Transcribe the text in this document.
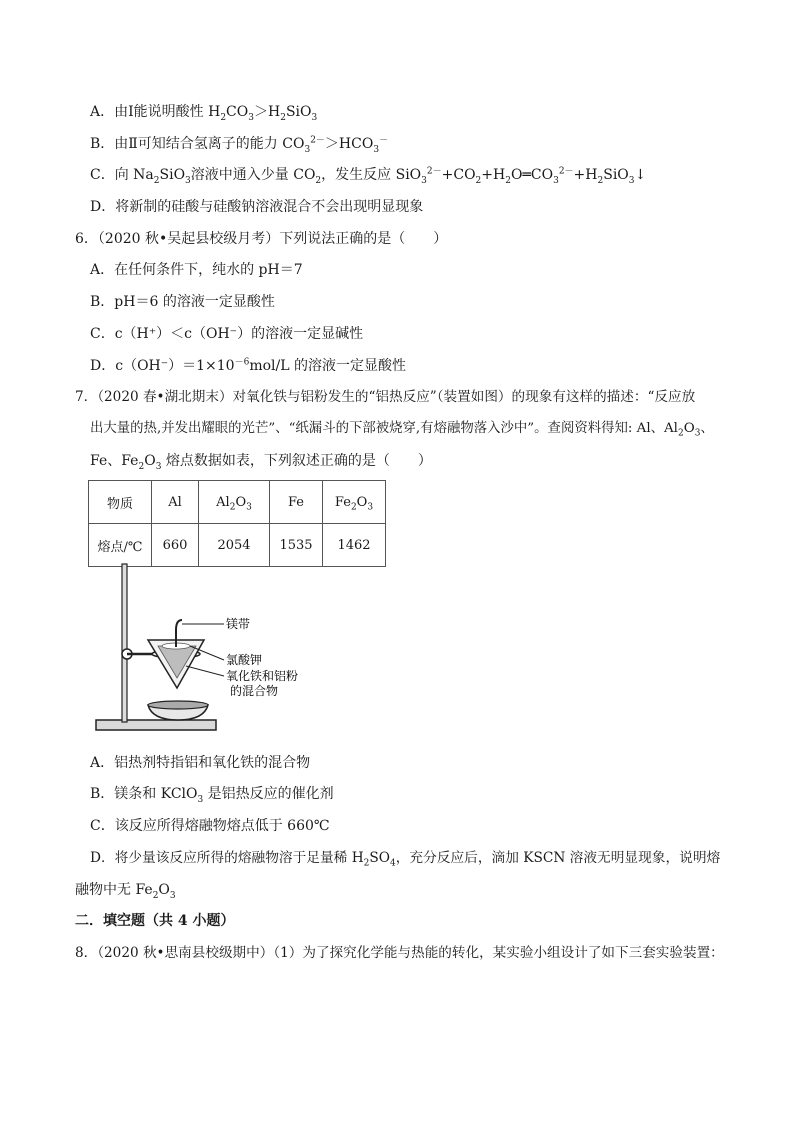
A．由Ⅰ能说明酸性 $H_2CO_3>H_2SiO_3$
B．由Ⅱ可知结合氢离子的能力 $CO_3^{2-}>HCO_3^-$
C．向 $Na_2SiO_3$溶液中通入少量 $CO_2$，发生反应 $SiO_3^{2-}+CO_2+H_2O═CO_3^{2-}+H_2SiO_3↓$
D．将新制的硅酸与硅酸钠溶液混合不会出现明显现象
6．（2020 秋•吴起县校级月考）下列说法正确的是（　　）
A．在任何条件下，纯水的 pH＝7
B．pH＝6 的溶液一定显酸性
C．c（H⁺）＜c（OH⁻）的溶液一定显碱性
D．$c(OH^-)=1\times 10^{-6}mol/L$ 的溶液一定显酸性
7．（2020 春•湖北期末）对氧化铁与铝粉发生的“铝热反应”（装置如图）的现象有这样的描述：“反应放
出大量的热,并发出耀眼的光芒”、“纸漏斗的下部被烧穿,有熔融物落入沙中”。查阅资料得知: Al、$Al_2O_3$、
Fe、$Fe_2O_3$ 熔点数据如表，下列叙述正确的是（　　）
物质	Al	$Al_2O_3$	Fe	$Fe_2O_3$
熔点/℃	660	2054	1535	1462
镁带
氯酸钾
氧化铁和铝粉
的混合物
A．铝热剂特指铝和氧化铁的混合物
B．镁条和 KClO$_3$ 是铝热反应的催化剂
C．该反应所得熔融物熔点低于 660℃
D．将少量该反应所得的熔融物溶于足量稀 $H_2SO_4$，充分反应后，滴加 KSCN 溶液无明显现象，说明熔
融物中无 $Fe_2O_3$
二．填空题（共 4 小题）
8．（2020 秋•思南县校级期中）（1）为了探究化学能与热能的转化，某实验小组设计了如下三套实验装置：
